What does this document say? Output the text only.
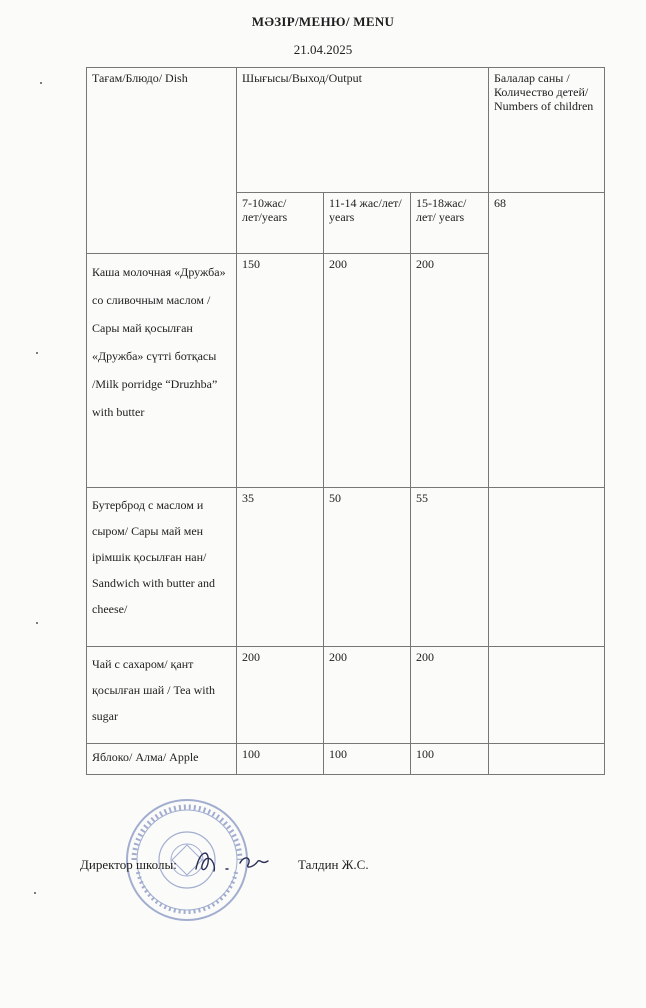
МӘЗІР/МЕНЮ/ MENU
21.04.2025
Тағам/Блюдо/ Dish	Шығысы/Выход/Output			Балалар саны /Количество детей/ Numbers of children
	7-10жас/лет/years	11-14 жас/лет/ years	15-18жас/лет/ years	68
Каша молочная «Дружба» со сливочным маслом / Сары май қосылған «Дружба» сүтті ботқасы /Milk porridge “Druzhba” with butter	150	200	200	
Бутерброд с маслом и сыром/ Сары май мен ірімшік қосылған нан/ Sandwich with butter and cheese/	35	50	55	
Чай с сахаром/ қант қосылған шай / Tea with sugar	200	200	200	
Яблоко/ Алма/ Apple	100	100	100	
Директор школы:	Талдин Ж.С.
